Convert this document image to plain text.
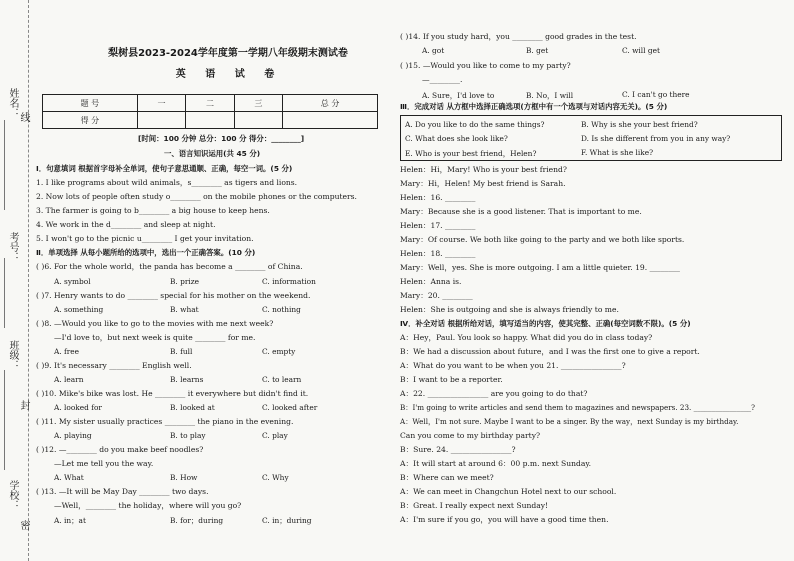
姓名： 线
考号：
班级：
封
学校：
密
梨树县2023-2024学年度第一学期八年级期末测试卷
英 语 试 卷
题 号	一	二	三	总 分
得 分				
[时间：100 分钟 总分：100 分 得分：________]
一、语言知识运用(共 45 分)
Ⅰ．句意填词 根据首字母补全单词，使句子意思通顺、正确，每空一词。(5 分)
1. I like programs about wild animals，s________ as tigers and lions.
2. Now lots of people often study o________ on the mobile phones or the computers.
3. The farmer is going to b________ a big house to keep hens.
4. We work in the d________ and sleep at night.
5. I won't go to the picnic u________ I get your invitation.
Ⅱ．单项选择 从每小题所给的选项中，选出一个正确答案。(10 分)
( )6. For the whole world，the panda has become a ________ of China.
A. symbol	B. prize	C. information
( )7. Henry wants to do ________ special for his mother on the weekend.
A. something	B. what	C. nothing
( )8. —Would you like to go to the movies with me next week?
—I'd love to，but next week is quite ________ for me.
A. free	B. full	C. empty
( )9. It's necessary ________ English well.
A. learn	B. learns	C. to learn
( )10. Mike's bike was lost. He ________ it everywhere but didn't find it.
A. looked for	B. looked at	C. looked after
( )11. My sister usually practices ________ the piano in the evening.
A. playing	B. to play	C. play
( )12. —________ do you make beef noodles?
—Let me tell you the way.
A. What	B. How	C. Why
( )13. —It will be May Day ________ two days.
—Well，________ the holiday，where will you go?
A. in；at	B. for；during	C. in；during
( )14. If you study hard，you ________ good grades in the test.
A. got	B. get	C. will get
( )15. —Would you like to come to my party?
—________.
A. Sure，I'd love to	B. No，I will	C. I can't go there
Ⅲ．完成对话 从方框中选择正确选项(方框中有一个选项与对话内容无关)。(5 分)
A. Do you like to do the same things?	B. Why is she your best friend?
C. What does she look like?	D. Is she different from you in any way?
E. Who is your best friend，Helen?	F. What is she like?
Helen：Hi，Mary! Who is your best friend?
Mary：Hi，Helen! My best friend is Sarah.
Helen：16. ________
Mary：Because she is a good listener. That is important to me.
Helen：17. ________
Mary：Of course. We both like going to the party and we both like sports.
Helen：18. ________
Mary：Well，yes. She is more outgoing. I am a little quieter. 19. ________
Helen：Anna is.
Mary：20. ________
Helen：She is outgoing and she is always friendly to me.
Ⅳ．补全对话 根据所给对话，填写适当的内容，使其完整、正确(每空词数不限)。(5 分)
A：Hey，Paul. You look so happy. What did you do in class today?
B：We had a discussion about future，and I was the first one to give a report.
A：What do you want to be when you 21. ________________?
B：I want to be a reporter.
A：22. ________________ are you going to do that?
B：I'm going to write articles and send them to magazines and newspapers. 23. ________________?
A：Well，I'm not sure. Maybe I want to be a singer. By the way，next Sunday is my birthday.
Can you come to my birthday party?
B：Sure. 24. ________________?
A：It will start at around 6：00 p.m. next Sunday.
B：Where can we meet?
A：We can meet in Changchun Hotel next to our school.
B：Great. I really expect next Sunday!
A：I'm sure if you go，you will have a good time then.
